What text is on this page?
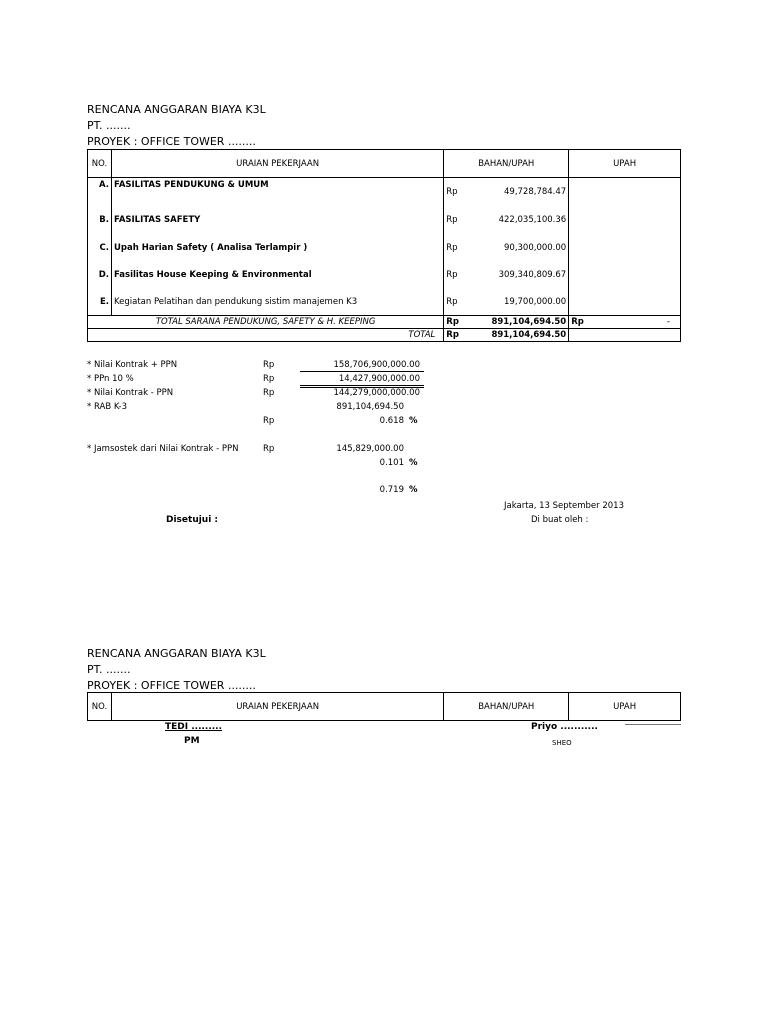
RENCANA ANGGARAN BIAYA K3L
PT. .......
PROYEK : OFFICE TOWER ........
NO.	URAIAN PEKERJAAN	BAHAN/UPAH		UPAH	
A.	FASILITAS PENDUKUNG & UMUM	Rp	49,728,784.47		
B.	FASILITAS SAFETY	Rp	422,035,100.36		
C.	Upah Harian Safety ( Analisa Terlampir )	Rp	90,300,000.00		
D.	Fasilitas House Keeping & Environmental	Rp	309,340,809.67		
E.	Kegiatan Pelatihan dan pendukung sistim manajemen K3	Rp	19,700,000.00		
TOTAL SARANA PENDUKUNG, SAFETY & H. KEEPING		Rp	891,104,694.50	Rp	-
TOTAL		Rp	891,104,694.50		
* Nilai Kontrak + PPN	Rp	158,706,900,000.00
* PPn 10 %	Rp	14,427,900,000.00
* Nilai Kontrak - PPN	Rp	144,279,000,000.00
* RAB K-3	891,104,694.50
Rp	0.618 %
* Jamsostek dari Nilai Kontrak - PPN	Rp	145,829,000.00
0.101 %
0.719 %
Jakarta, 13 September 2013
Disetujui :	Di buat oleh :
RENCANA ANGGARAN BIAYA K3L
PT. .......
PROYEK : OFFICE TOWER ........
NO.	URAIAN PEKERJAAN	BAHAN/UPAH	UPAH
TEDI .........
PM
Priyo ...........
SHEO
